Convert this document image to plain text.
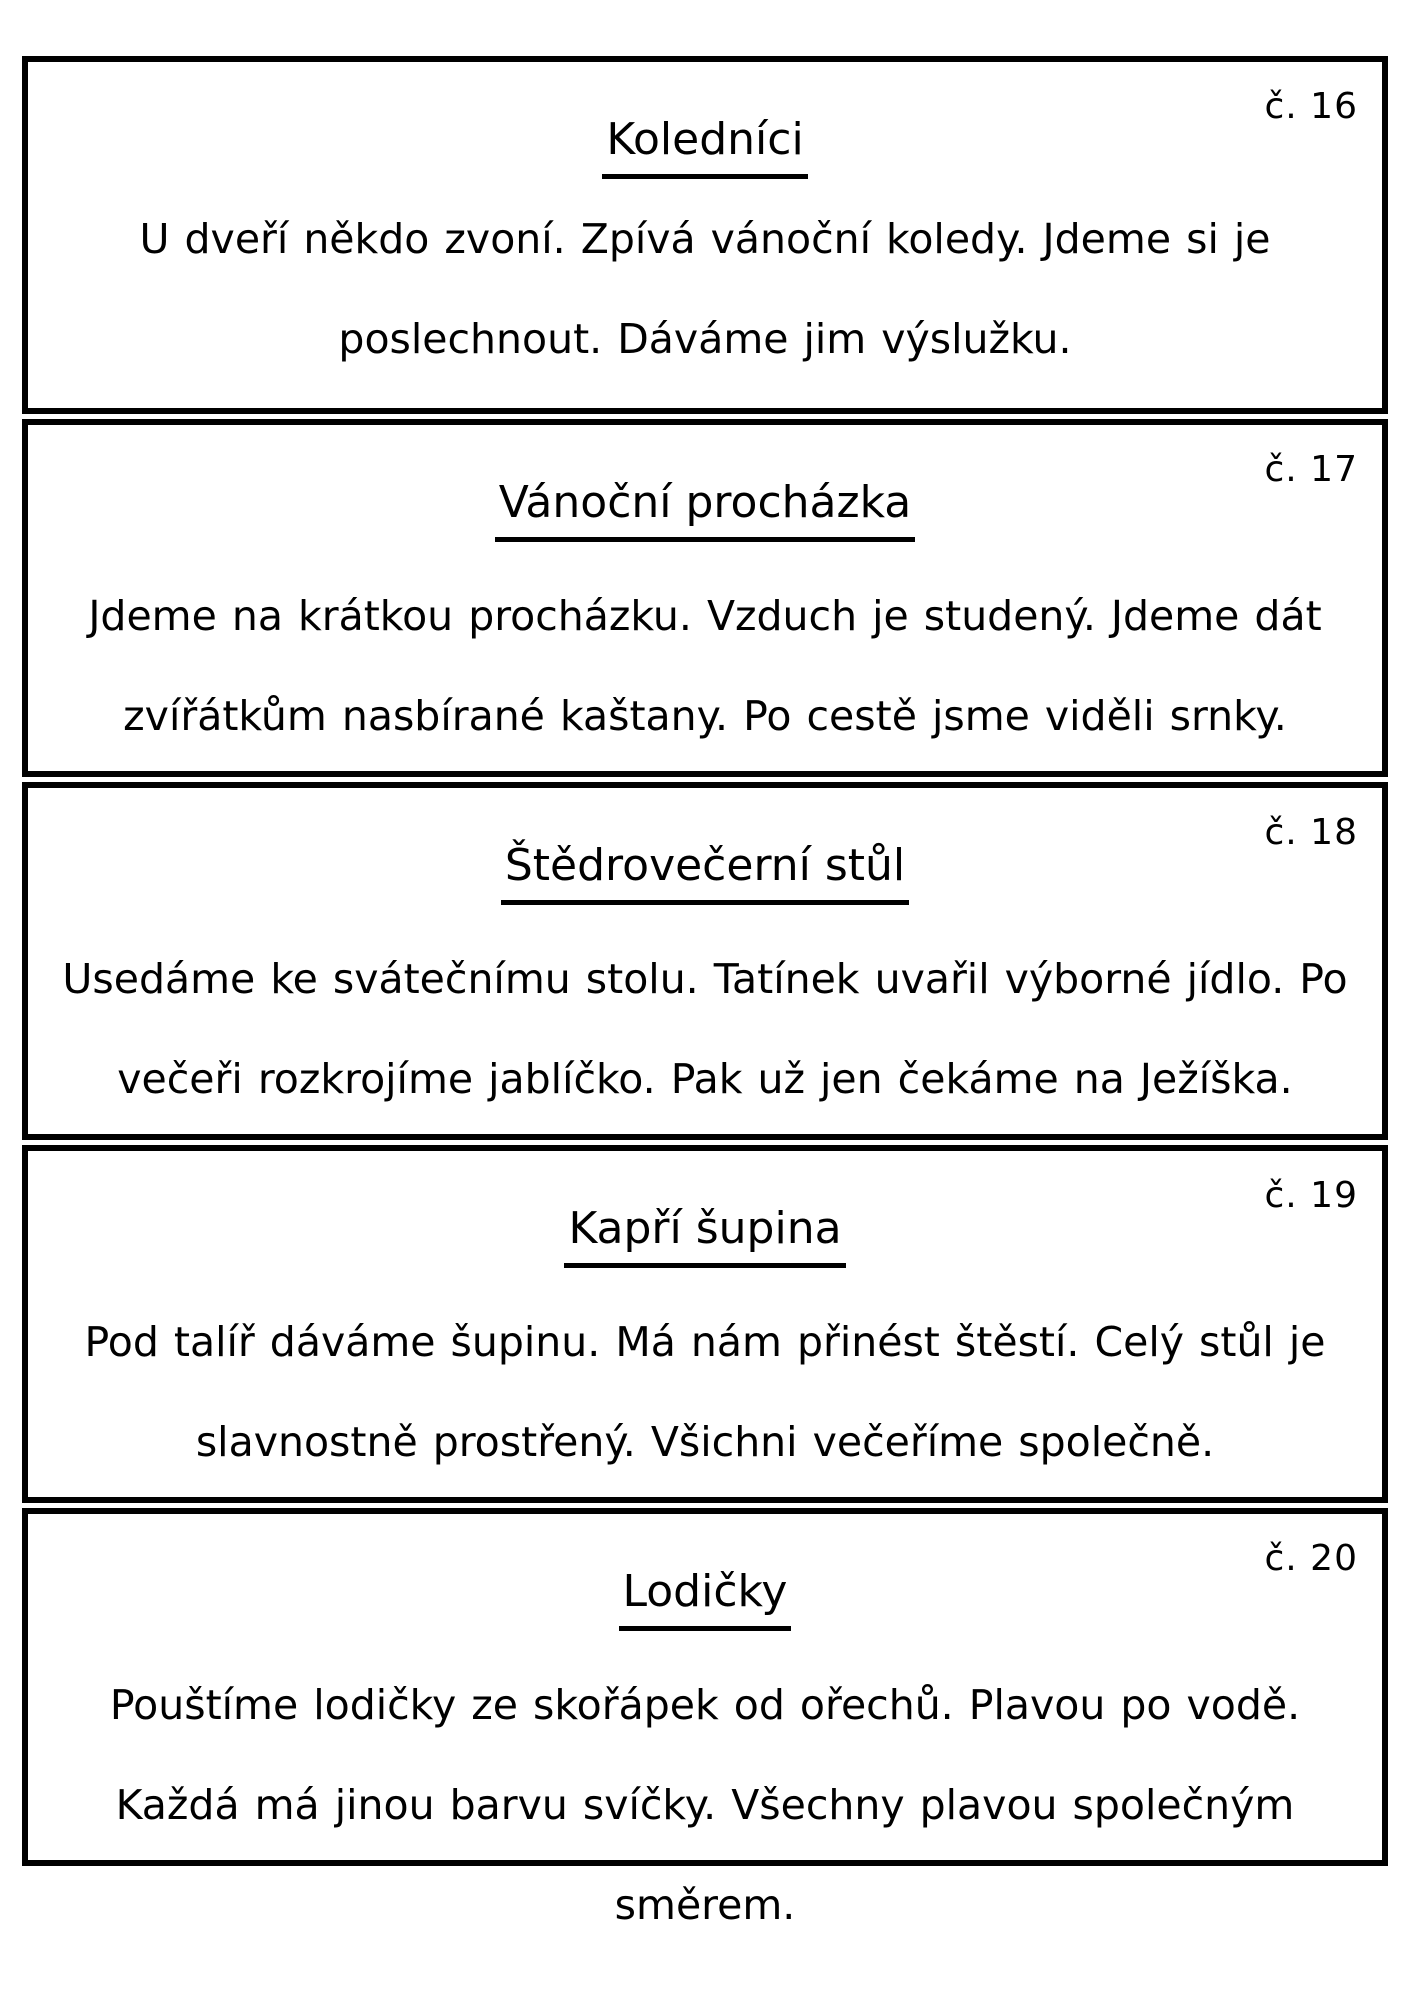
č. 16
Koledníci
U dveří někdo zvoní. Zpívá vánoční koledy. Jdeme si je poslechnout. Dáváme jim výslužku.
č. 17
Vánoční procházka
Jdeme na krátkou procházku. Vzduch je studený. Jdeme dát zvířátkům nasbírané kaštany. Po cestě jsme viděli srnky.
č. 18
Štědrovečerní stůl
Usedáme ke svátečnímu stolu. Tatínek uvařil výborné jídlo. Po večeři rozkrojíme jablíčko. Pak už jen čekáme na Ježíška.
č. 19
Kapří šupina
Pod talíř dáváme šupinu. Má nám přinést štěstí. Celý stůl je slavnostně prostřený. Všichni večeříme společně.
č. 20
Lodičky
Pouštíme lodičky ze skořápek od ořechů. Plavou po vodě. Každá má jinou barvu svíčky. Všechny plavou společným směrem.
